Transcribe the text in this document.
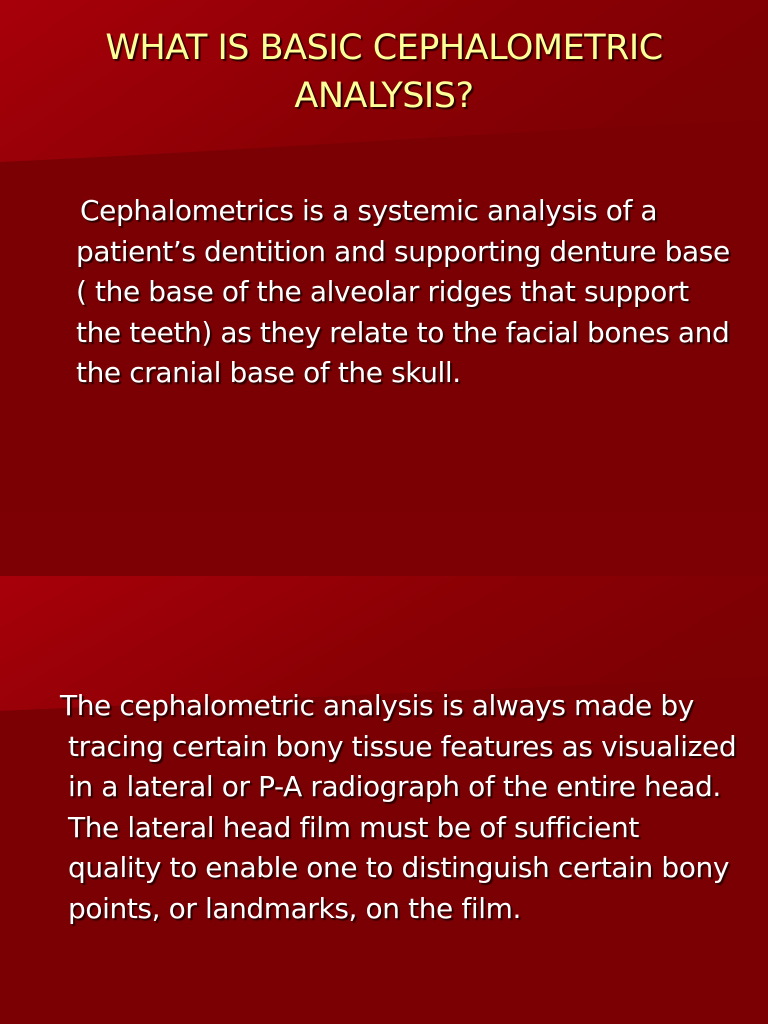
WHAT IS BASIC CEPHALOMETRIC ANALYSIS?

Cephalometrics is a systemic analysis of a patient’s dentition and supporting denture base ( the base of the alveolar ridges that support the teeth) as they relate to the facial bones and the cranial base of the skull.

The cephalometric analysis is always made by tracing certain bony tissue features as visualized in a lateral or P-A radiograph of the entire head. The lateral head film must be of sufficient quality to enable one to distinguish certain bony points, or landmarks, on the film.
